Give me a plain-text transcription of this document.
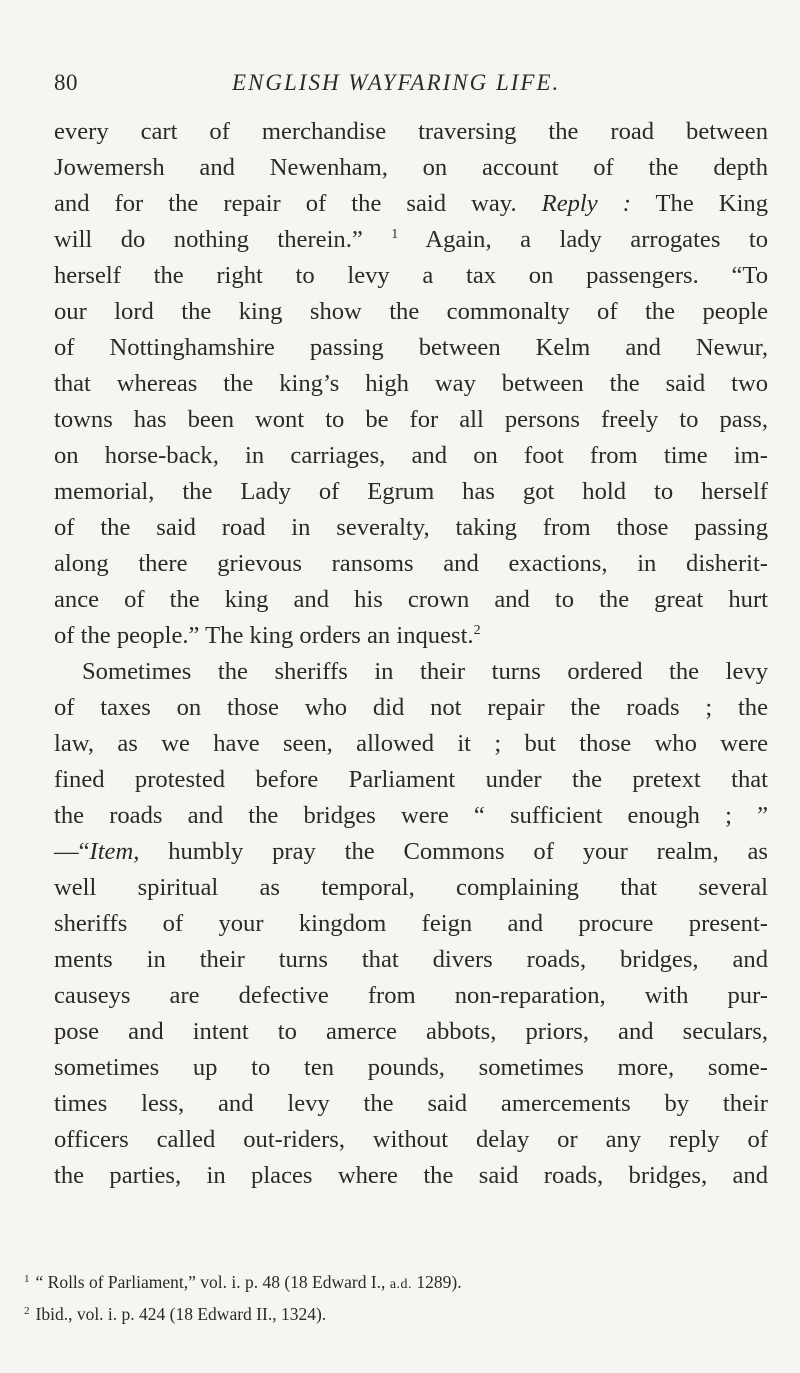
80	ENGLISH WAYFARING LIFE.
every cart of merchandise traversing the road between
Jowemersh and Newenham, on account of the depth
and for the repair of the said way. Reply : The King
will do nothing therein.” $^1$ Again, a lady arrogates to
herself the right to levy a tax on passengers. “To
our lord the king show the commonalty of the people
of Nottinghamshire passing between Kelm and Newur,
that whereas the king’s high way between the said two
towns has been wont to be for all persons freely to pass,
on horse-back, in carriages, and on foot from time im-
memorial, the Lady of Egrum has got hold to herself
of the said road in severalty, taking from those passing
along there grievous ransoms and exactions, in disherit-
ance of the king and his crown and to the great hurt
of the people.” The king orders an inquest.$^2$
Sometimes the sheriffs in their turns ordered the levy
of taxes on those who did not repair the roads ; the
law, as we have seen, allowed it ; but those who were
fined protested before Parliament under the pretext that
the roads and the bridges were “ sufficient enough ; ”
—“Item, humbly pray the Commons of your realm, as
well spiritual as temporal, complaining that several
sheriffs of your kingdom feign and procure present-
ments in their turns that divers roads, bridges, and
causeys are defective from non-reparation, with pur-
pose and intent to amerce abbots, priors, and seculars,
sometimes up to ten pounds, sometimes more, some-
times less, and levy the said amercements by their
officers called out-riders, without delay or any reply of
the parties, in places where the said roads, bridges, and
$^1$ “ Rolls of Parliament,” vol. i. p. 48 (18 Edward I., a.d. 1289).
$^2$ Ibid., vol. i. p. 424 (18 Edward II., 1324).
